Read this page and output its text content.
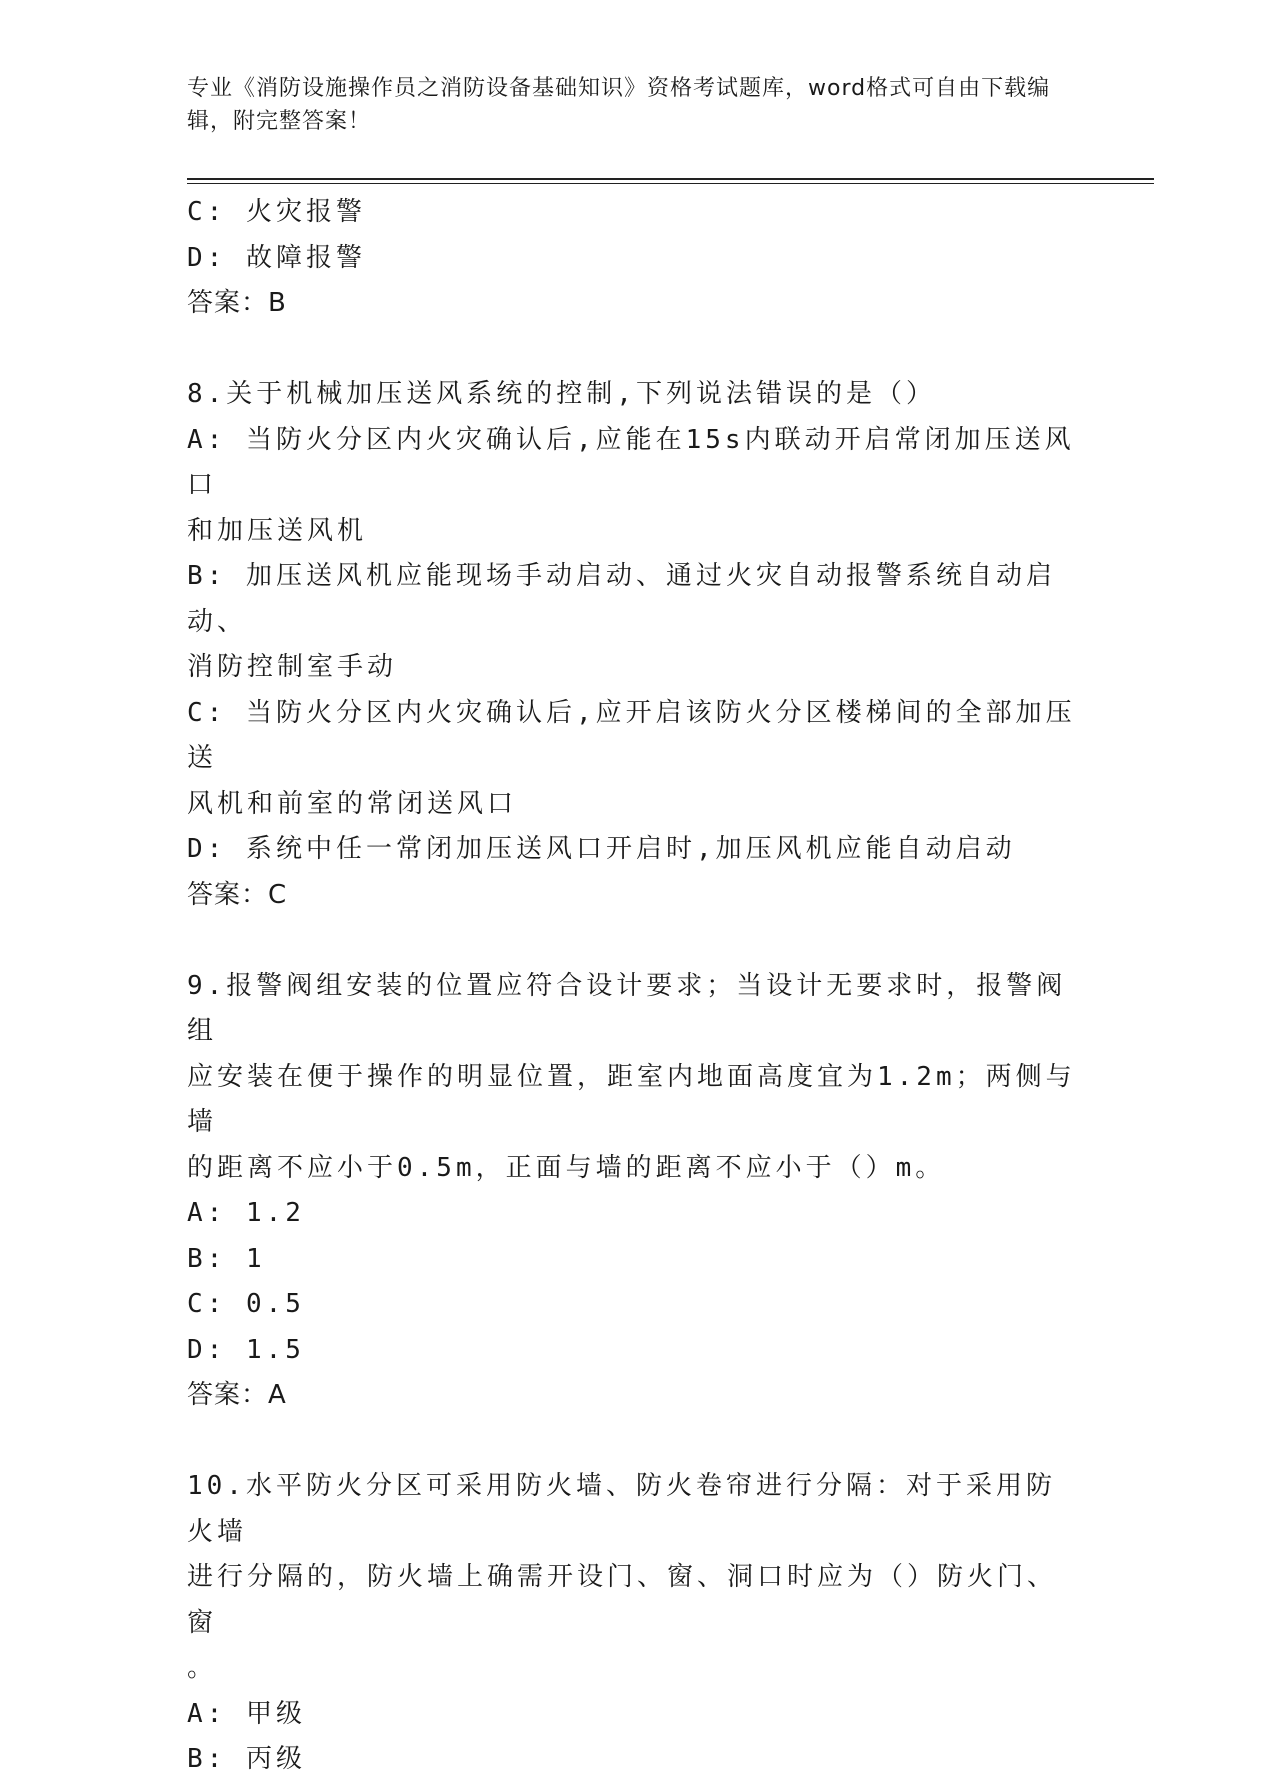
专业《消防设施操作员之消防设备基础知识》资格考试题库，word格式可自由下载编辑，附完整答案！
C: 火灾报警
D: 故障报警
答案：B
8.关于机械加压送风系统的控制,下列说法错误的是（）
A: 当防火分区内火灾确认后,应能在15s内联动开启常闭加压送风口
和加压送风机
B: 加压送风机应能现场手动启动、通过火灾自动报警系统自动启动、
消防控制室手动
C: 当防火分区内火灾确认后,应开启该防火分区楼梯间的全部加压送
风机和前室的常闭送风口
D: 系统中任一常闭加压送风口开启时,加压风机应能自动启动
答案：C
9.报警阀组安装的位置应符合设计要求；当设计无要求时，报警阀组
应安装在便于操作的明显位置，距室内地面高度宜为1.2m；两侧与墙
的距离不应小于0.5m，正面与墙的距离不应小于（）m。
A: 1.2
B: 1
C: 0.5
D: 1.5
答案：A
10.水平防火分区可采用防火墙、防火卷帘进行分隔：对于采用防火墙
进行分隔的，防火墙上确需开设门、窗、洞口时应为（）防火门、窗
。
A: 甲级
B: 丙级
